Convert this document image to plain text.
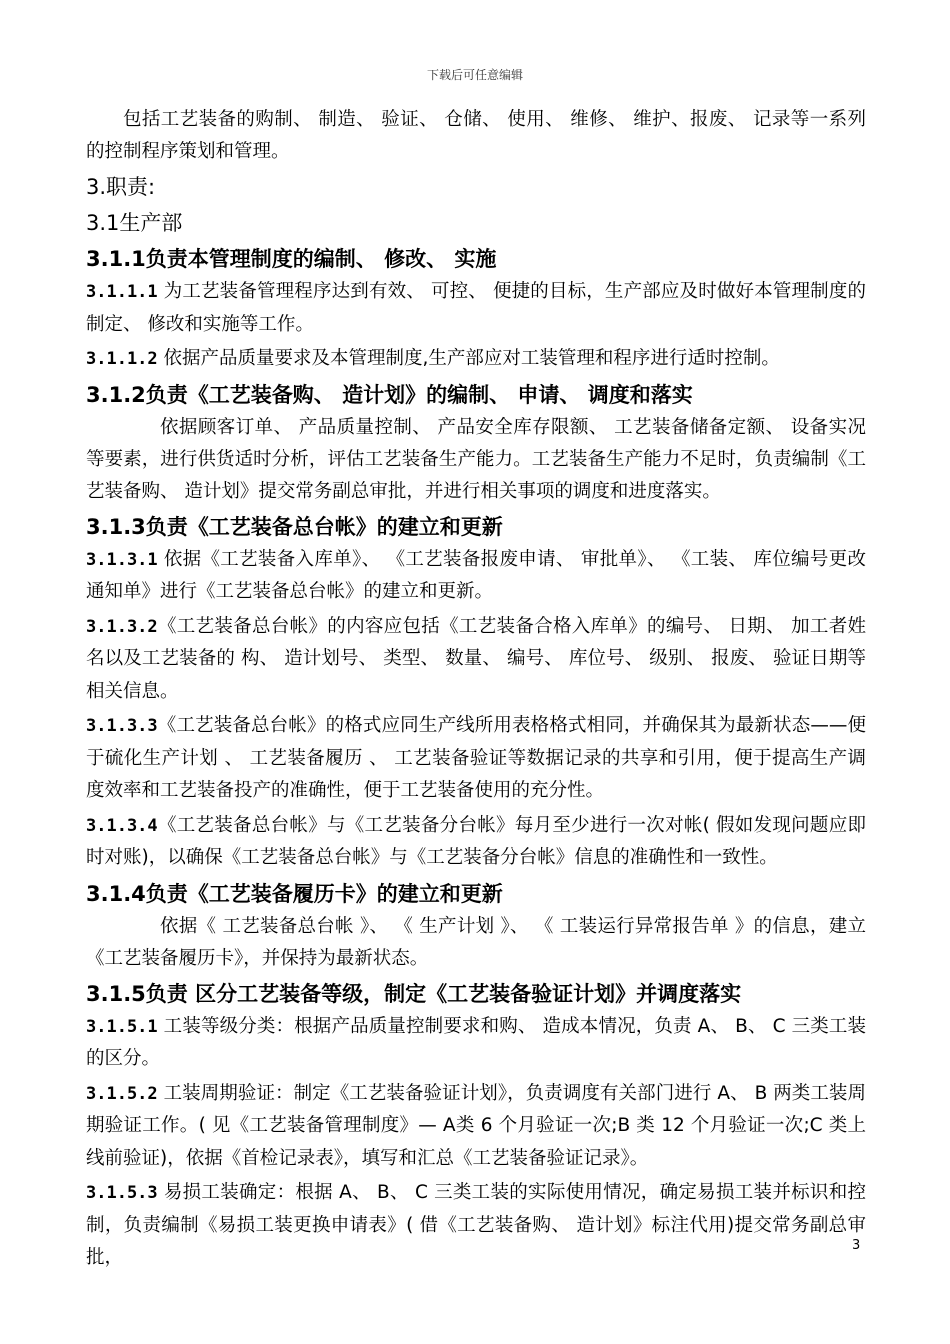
下载后可任意编辑

包括工艺装备的购制、 制造、 验证、 仓储、 使用、 维修、 维护、报废、 记录等一系列的控制程序策划和管理。

3.职责:
3.1生产部
3.1.1负责本管理制度的编制、 修改、 实施

3.1.1.1 为工艺装备管理程序达到有效、 可控、 便捷的目标，生产部应及时做好本管理制度的制定、 修改和实施等工作。

3.1.1.2 依据产品质量要求及本管理制度,生产部应对工装管理和程序进行适时控制。

3.1.2负责《工艺装备购、 造计划》的编制、 申请、 调度和落实

依据顾客订单、 产品质量控制、 产品安全库存限额、 工艺装备储备定额、 设备实况等要素，进行供货适时分析，评估工艺装备生产能力。工艺装备生产能力不足时，负责编制《工艺装备购、 造计划》提交常务副总审批，并进行相关事项的调度和进度落实。

3.1.3负责《工艺装备总台帐》的建立和更新

3.1.3.1 依据《工艺装备入库单》、 《工艺装备报废申请、 审批单》、 《工装、 库位编号更改通知单》进行《工艺装备总台帐》的建立和更新。

3.1.3.2《工艺装备总台帐》的内容应包括《工艺装备合格入库单》的编号、 日期、 加工者姓名以及工艺装备的 构、 造计划号、 类型、 数量、 编号、 库位号、 级别、 报废、 验证日期等相关信息。

3.1.3.3《工艺装备总台帐》的格式应同生产线所用表格格式相同，并确保其为最新状态——便于硫化生产计划 、 工艺装备履历 、 工艺装备验证等数据记录的共享和引用，便于提高生产调度效率和工艺装备投产的准确性，便于工艺装备使用的充分性。

3.1.3.4《工艺装备总台帐》与《工艺装备分台帐》每月至少进行一次对帐( 假如发现问题应即时对账)，以确保《工艺装备总台帐》与《工艺装备分台帐》信息的准确性和一致性。

3.1.4负责《工艺装备履历卡》的建立和更新

依据《 工艺装备总台帐 》、 《 生产计划 》、 《 工装运行异常报告单 》的信息，建立《工艺装备履历卡》，并保持为最新状态。

3.1.5负责 区分工艺装备等级，制定《工艺装备验证计划》并调度落实

3.1.5.1 工装等级分类：根据产品质量控制要求和购、 造成本情况，负责 A、 B、 C 三类工装的区分。

3.1.5.2 工装周期验证：制定《工艺装备验证计划》，负责调度有关部门进行 A、 B 两类工装周期验证工作。( 见《工艺装备管理制度》— A类 6 个月验证一次;B 类 12 个月验证一次;C 类上线前验证)，依据《首检记录表》，填写和汇总《工艺装备验证记录》。

3.1.5.3 易损工装确定：根据 A、 B、 C 三类工装的实际使用情况，确定易损工装并标识和控制，负责编制《易损工装更换申请表》( 借《工艺装备购、 造计划》标注代用)提交常务副总审批，

3
